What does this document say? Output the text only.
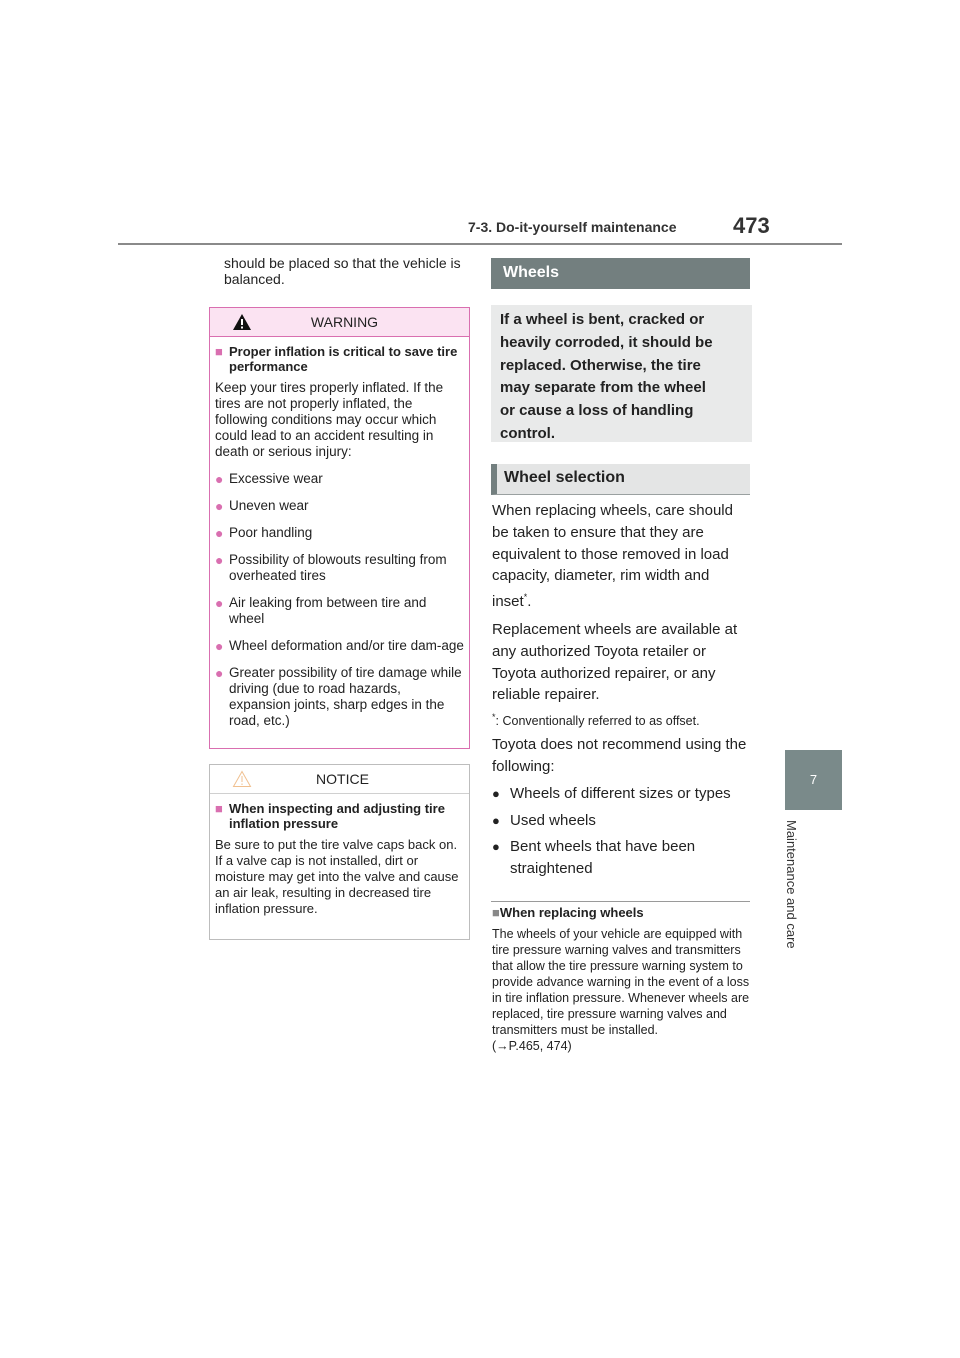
7-3. Do-it-yourself maintenance	473
7
Maintenance and care
should be placed so that the vehicle is balanced.
WARNING
■ Proper inflation is critical to save tire performance
Keep your tires properly inflated. If the tires are not properly inflated, the following conditions may occur which could lead to an accident resulting in death or serious injury:
● Excessive wear
● Uneven wear
● Poor handling
● Possibility of blowouts resulting from overheated tires
● Air leaking from between tire and wheel
● Wheel deformation and/or tire dam-age
● Greater possibility of tire damage while driving (due to road hazards, expansion joints, sharp edges in the road, etc.)
NOTICE
■ When inspecting and adjusting tire inflation pressure
Be sure to put the tire valve caps back on. If a valve cap is not installed, dirt or moisture may get into the valve and cause an air leak, resulting in decreased tire inflation pressure.
Wheels
If a wheel is bent, cracked or
heavily corroded, it should be
replaced. Otherwise, the tire
may separate from the wheel
or cause a loss of handling
control.
Wheel selection
When replacing wheels, care should be taken to ensure that they are equivalent to those removed in load capacity, diameter, rim width and inset*.
Replacement wheels are available at any authorized Toyota retailer or Toyota authorized repairer, or any reliable repairer.
*: Conventionally referred to as offset.
Toyota does not recommend using the following:
● Wheels of different sizes or types
● Used wheels
● Bent wheels that have been straightened
■When replacing wheels
The wheels of your vehicle are equipped with tire pressure warning valves and transmitters that allow the tire pressure warning system to provide advance warning in the event of a loss in tire inflation pressure. Whenever wheels are replaced, tire pressure warning valves and transmitters must be installed.
(→P.465, 474)
